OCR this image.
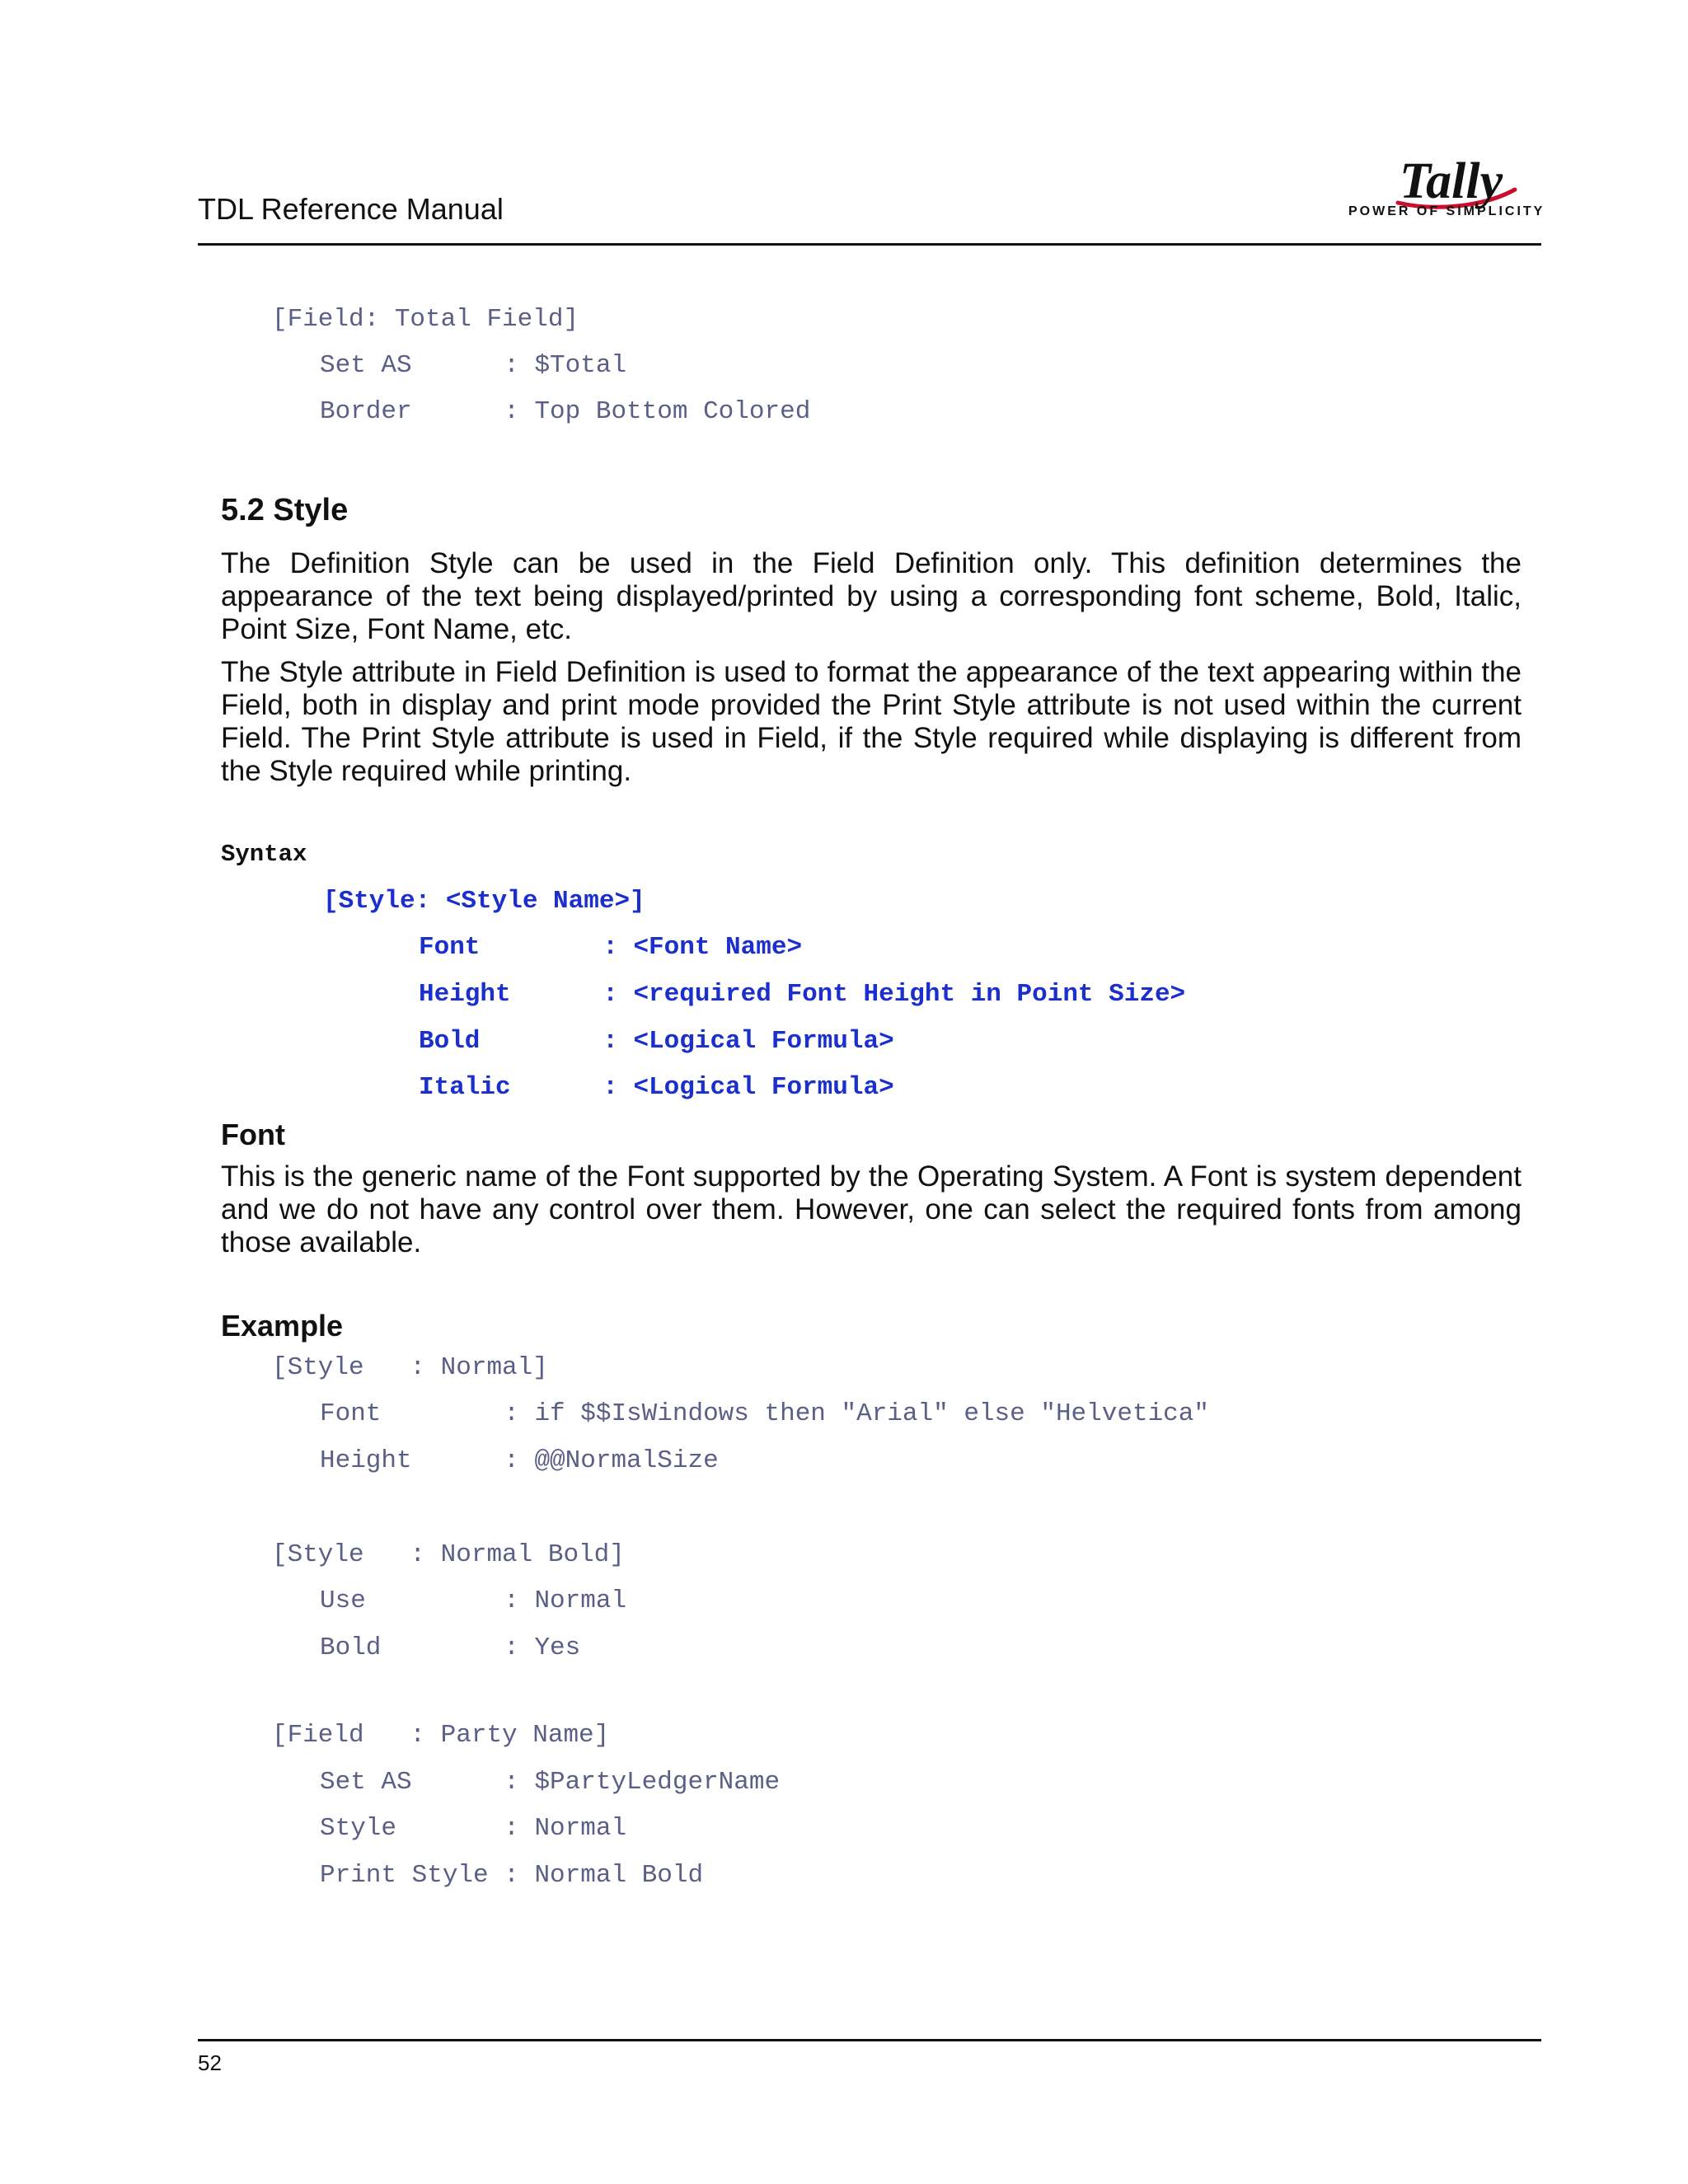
TDL Reference Manual

	Tally

POWER OF SIMPLICITY
[Field: Total Field]
Set AS      : $Total
Border      : Top Bottom Colored
5.2 Style
The Definition Style can be used in the Field Definition only. This definition determines the appearance of the text being displayed/printed by using a corresponding font scheme, Bold, Italic, Point Size, Font Name, etc.
The Style attribute in Field Definition is used to format the appearance of the text appearing within the Field, both in display and print mode provided the Print Style attribute is not used within the current Field. The Print Style attribute is used in Field, if the Style required while displaying is different from the Style required while printing.
Syntax
[Style: <Style Name>]
Font        : <Font Name>
Height      : <required Font Height in Point Size>
Bold        : <Logical Formula>
Italic      : <Logical Formula>
Font
This is the generic name of the Font supported by the Operating System. A Font is system dependent and we do not have any control over them. However, one can select the required fonts from among those available.
Example
[Style   : Normal]
Font        : if $$IsWindows then "Arial" else "Helvetica"
Height      : @@NormalSize
[Style   : Normal Bold]
Use         : Normal
Bold        : Yes
[Field   : Party Name]
Set AS      : $PartyLedgerName
Style       : Normal
Print Style : Normal Bold
52
